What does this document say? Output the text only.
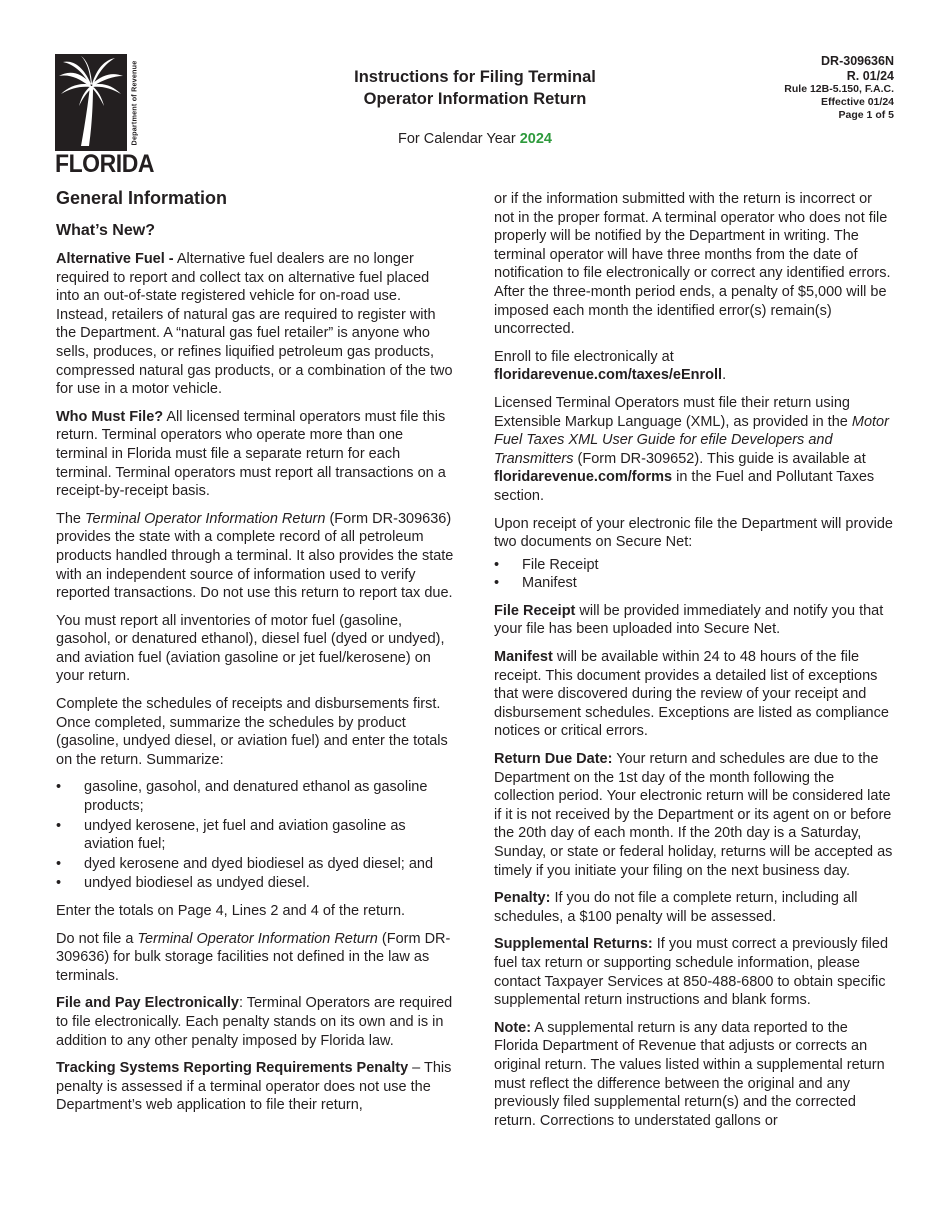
Department of Revenue
FLORIDA
Instructions for Filing Terminal
Operator Information Return
For Calendar Year 2024
DR-309636N
R. 01/24
Rule 12B-5.150, F.A.C.
Effective 01/24
Page 1 of 5
General Information
What’s New?

Alternative Fuel - Alternative fuel dealers are no longer required to report and collect tax on alternative fuel placed into an out-of-state registered vehicle for on-road use. Instead, retailers of natural gas are required to register with the Department. A “natural gas fuel retailer” is anyone who sells, produces, or refines liquified petroleum gas products, compressed natural gas products, or a combination of the two for use in a motor vehicle.

Who Must File? All licensed terminal operators must file this return. Terminal operators who operate more than one terminal in Florida must file a separate return for each terminal. Terminal operators must report all transactions on a receipt-by-receipt basis.

The Terminal Operator Information Return (Form DR-309636) provides the state with a complete record of all petroleum products handled through a terminal. It also provides the state with an independent source of information used to verify reported transactions. Do not use this return to report tax due.

You must report all inventories of motor fuel (gasoline, gasohol, or denatured ethanol), diesel fuel (dyed or undyed), and aviation fuel (aviation gasoline or jet fuel/kerosene) on your return.

Complete the schedules of receipts and disbursements first. Once completed, summarize the schedules by product (gasoline, undyed diesel, or aviation fuel) and enter the totals on the return. Summarize:

• gasoline, gasohol, and denatured ethanol as gasoline products;
• undyed kerosene, jet fuel and aviation gasoline as aviation fuel;
• dyed kerosene and dyed biodiesel as dyed diesel; and
• undyed biodiesel as undyed diesel.

Enter the totals on Page 4, Lines 2 and 4 of the return.

Do not file a Terminal Operator Information Return (Form DR-309636) for bulk storage facilities not defined in the law as terminals.

File and Pay Electronically: Terminal Operators are required to file electronically. Each penalty stands on its own and is in addition to any other penalty imposed by Florida law.

Tracking Systems Reporting Requirements Penalty – This penalty is assessed if a terminal operator does not use the Department’s web application to file their return,

or if the information submitted with the return is incorrect or not in the proper format. A terminal operator who does not file properly will be notified by the Department in writing. The terminal operator will have three months from the date of notification to file electronically or correct any identified errors. After the three-month period ends, a penalty of $5,000 will be imposed each month the identified error(s) remain(s) uncorrected.

Enroll to file electronically at
floridarevenue.com/taxes/eEnroll.

Licensed Terminal Operators must file their return using Extensible Markup Language (XML), as provided in the Motor Fuel Taxes XML User Guide for efile Developers and Transmitters (Form DR-309652). This guide is available at floridarevenue.com/forms in the Fuel and Pollutant Taxes section.

Upon receipt of your electronic file the Department will provide two documents on Secure Net:

• File Receipt
• Manifest

File Receipt will be provided immediately and notify you that your file has been uploaded into Secure Net.

Manifest will be available within 24 to 48 hours of the file receipt. This document provides a detailed list of exceptions that were discovered during the review of your receipt and disbursement schedules. Exceptions are listed as compliance notices or critical errors.

Return Due Date: Your return and schedules are due to the Department on the 1st day of the month following the collection period. Your electronic return will be considered late if it is not received by the Department or its agent on or before the 20th day of each month. If the 20th day is a Saturday, Sunday, or state or federal holiday, returns will be accepted as timely if you initiate your filing on the next business day.

Penalty: If you do not file a complete return, including all schedules, a $100 penalty will be assessed.

Supplemental Returns: If you must correct a previously filed fuel tax return or supporting schedule information, please contact Taxpayer Services at 850-488-6800 to obtain specific supplemental return instructions and blank forms.

Note: A supplemental return is any data reported to the Florida Department of Revenue that adjusts or corrects an original return. The values listed within a supplemental return must reflect the difference between the original and any previously filed supplemental return(s) and the corrected return. Corrections to understated gallons or
